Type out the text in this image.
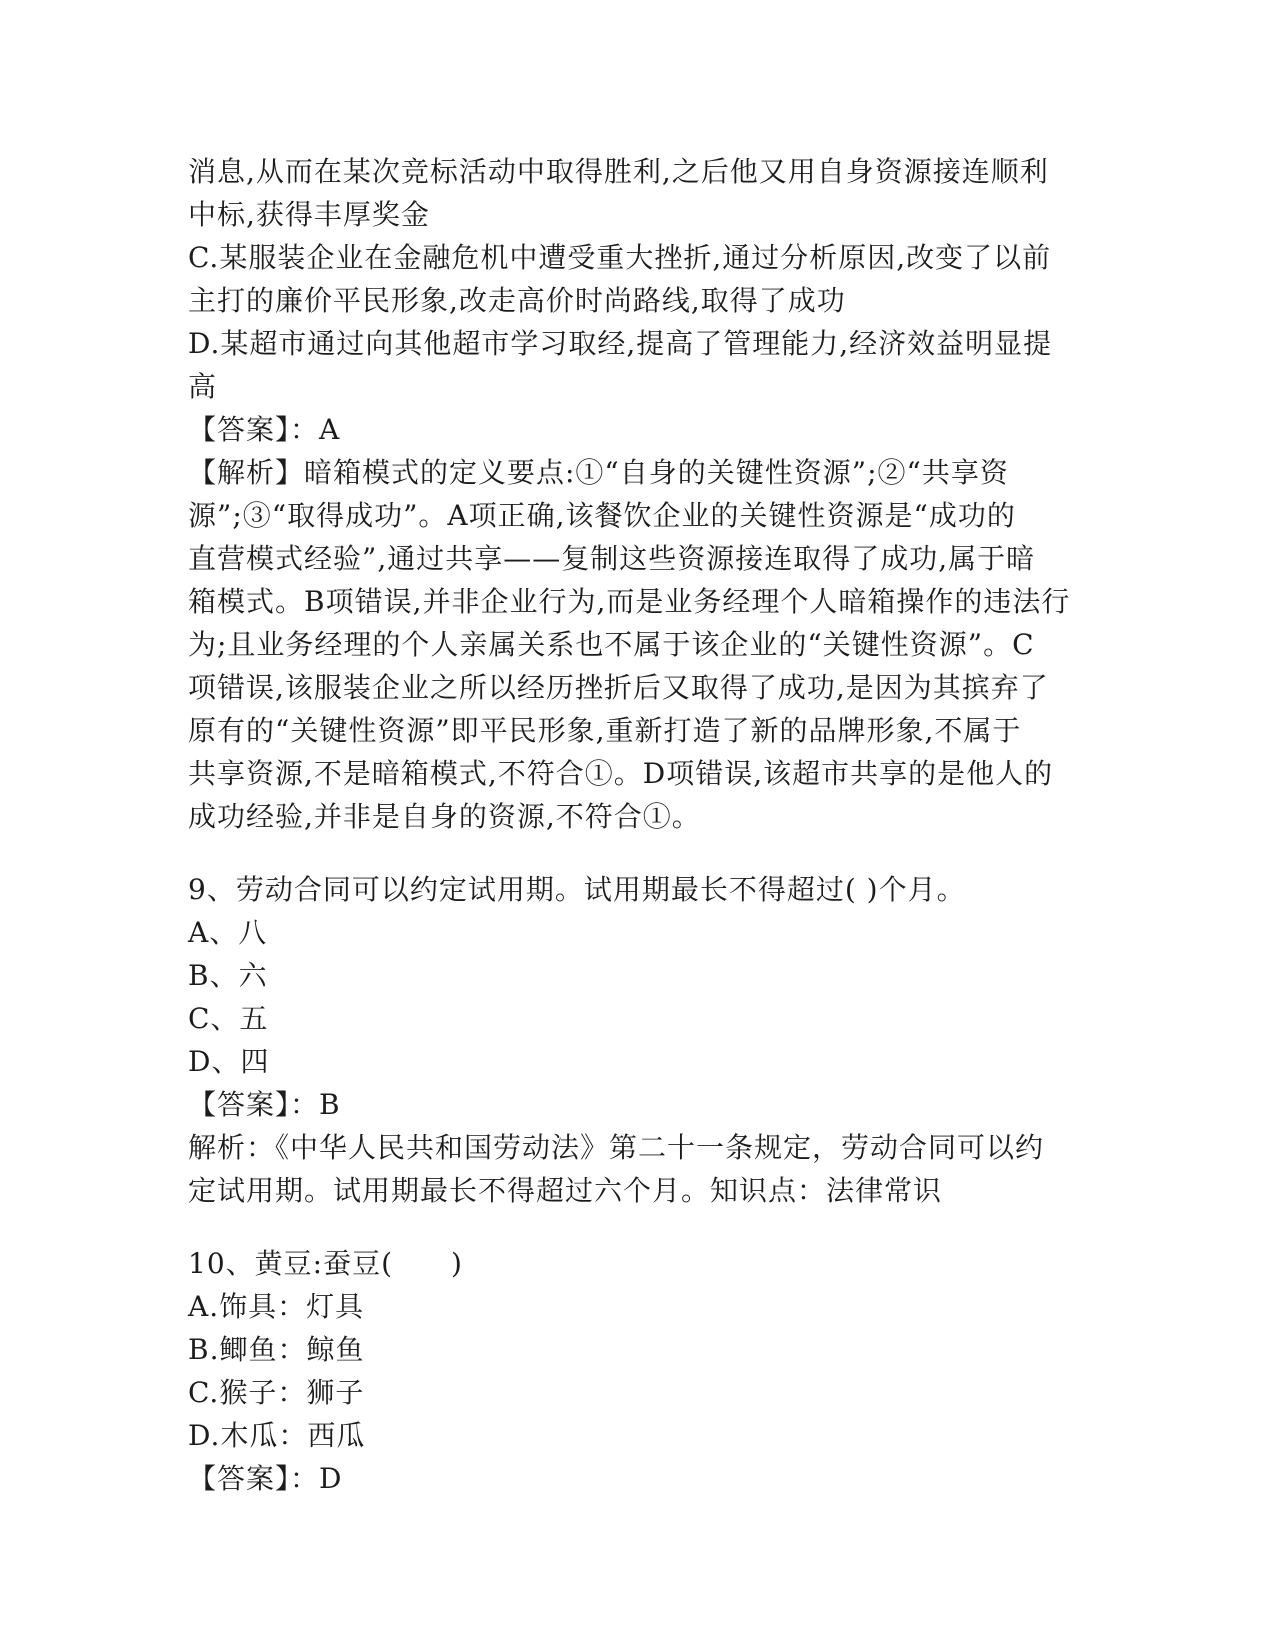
消息,从而在某次竞标活动中取得胜利,之后他又用自身资源接连顺利
中标,获得丰厚奖金
C.某服装企业在金融危机中遭受重大挫折,通过分析原因,改变了以前
主打的廉价平民形象,改走高价时尚路线,取得了成功
D.某超市通过向其他超市学习取经,提高了管理能力,经济效益明显提
高
【答案】：A
【解析】暗箱模式的定义要点:①“自身的关键性资源”;②“共享资
源”;③“取得成功”。A项正确,该餐饮企业的关键性资源是“成功的
直营模式经验”,通过共享——复制这些资源接连取得了成功,属于暗
箱模式。B项错误,并非企业行为,而是业务经理个人暗箱操作的违法行
为;且业务经理的个人亲属关系也不属于该企业的“关键性资源”。C
项错误,该服装企业之所以经历挫折后又取得了成功,是因为其摈弃了
原有的“关键性资源”即平民形象,重新打造了新的品牌形象,不属于
共享资源,不是暗箱模式,不符合①。D项错误,该超市共享的是他人的
成功经验,并非是自身的资源,不符合①。
9、劳动合同可以约定试用期。试用期最长不得超过( )个月。
A、八
B、六
C、五
D、四
【答案】：B
解析：《中华人民共和国劳动法》第二十一条规定，劳动合同可以约
定试用期。试用期最长不得超过六个月。知识点：法律常识
10、黄豆:蚕豆(　　)
A.饰具：灯具
B.鲫鱼：鲸鱼
C.猴子：狮子
D.木瓜：西瓜
【答案】：D
